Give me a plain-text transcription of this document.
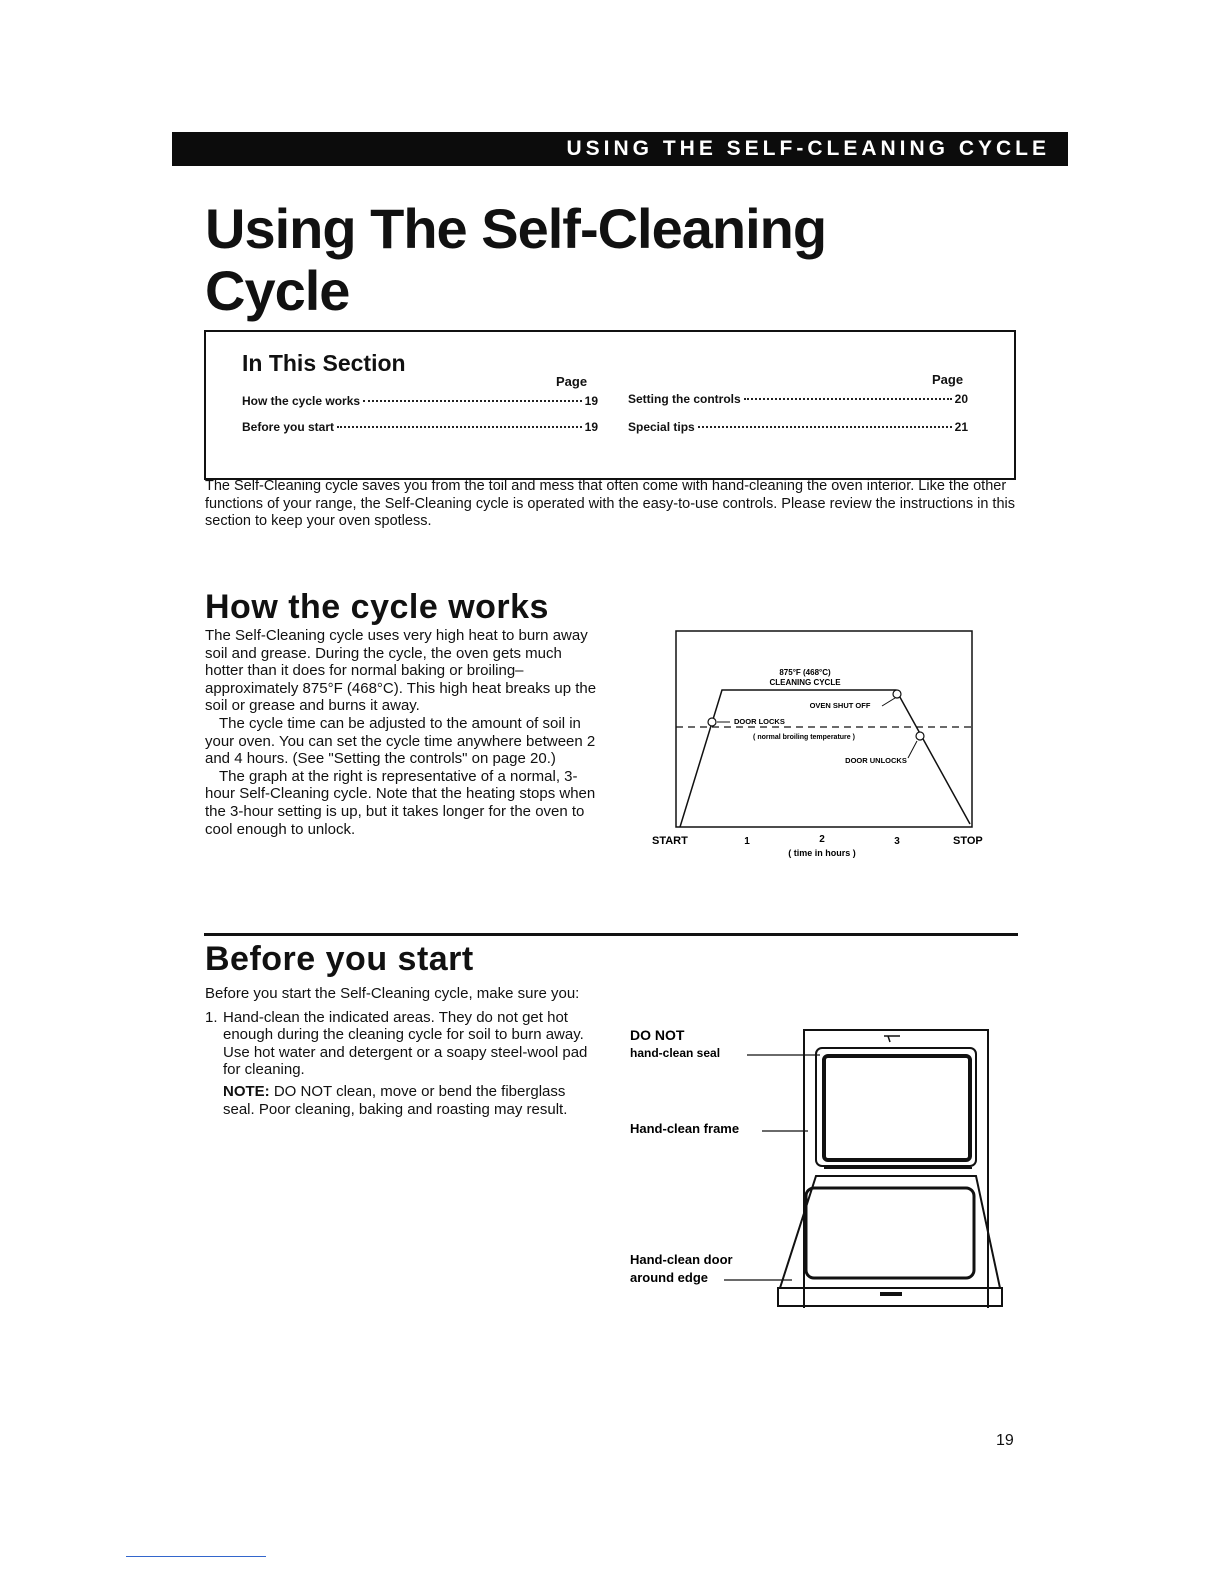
USING THE SELF-CLEANING CYCLE
Using The Self-Cleaning
Cycle
In This Section
Page	Page
How the cycle works	19
Before you start	19
Setting the controls	20
Special tips	21

The Self-Cleaning cycle saves you from the toil and mess that often come with hand-cleaning the oven interior. Like the other functions of your range, the Self-Cleaning cycle is operated with the easy-to-use controls. Please review the instructions in this section to keep your oven spotless.

How the cycle works

The Self-Cleaning cycle uses very high heat to burn away soil and grease. During the cycle, the oven gets much hotter than it does for normal baking or broiling–approximately 875°F (468°C). This high heat breaks up the soil or grease and burns it away.

The cycle time can be adjusted to the amount of soil in your oven. You can set the cycle time anywhere between 2 and 4 hours. (See "Setting the controls" on page 20.)

The graph at the right is representative of a normal, 3-hour Self-Cleaning cycle. Note that the heating stops when the 3-hour setting is up, but it takes longer for the oven to cool enough to unlock.

875°F (468°C)
CLEANING CYCLE
OVEN SHUT OFF
DOOR LOCKS
( normal broiling temperature )
DOOR UNLOCKS
START	1	2	3	STOP
( time in hours )
Before you start

Before you start the Self-Cleaning cycle, make sure you:

1. Hand-clean the indicated areas. They do not get hot enough during the cleaning cycle for soil to burn away. Use hot water and detergent or a soapy steel-wool pad for cleaning.

NOTE: DO NOT clean, move or bend the fiberglass seal. Poor cleaning, baking and roasting may result.

DO NOT
hand-clean seal
Hand-clean frame
Hand-clean door
around edge
19
